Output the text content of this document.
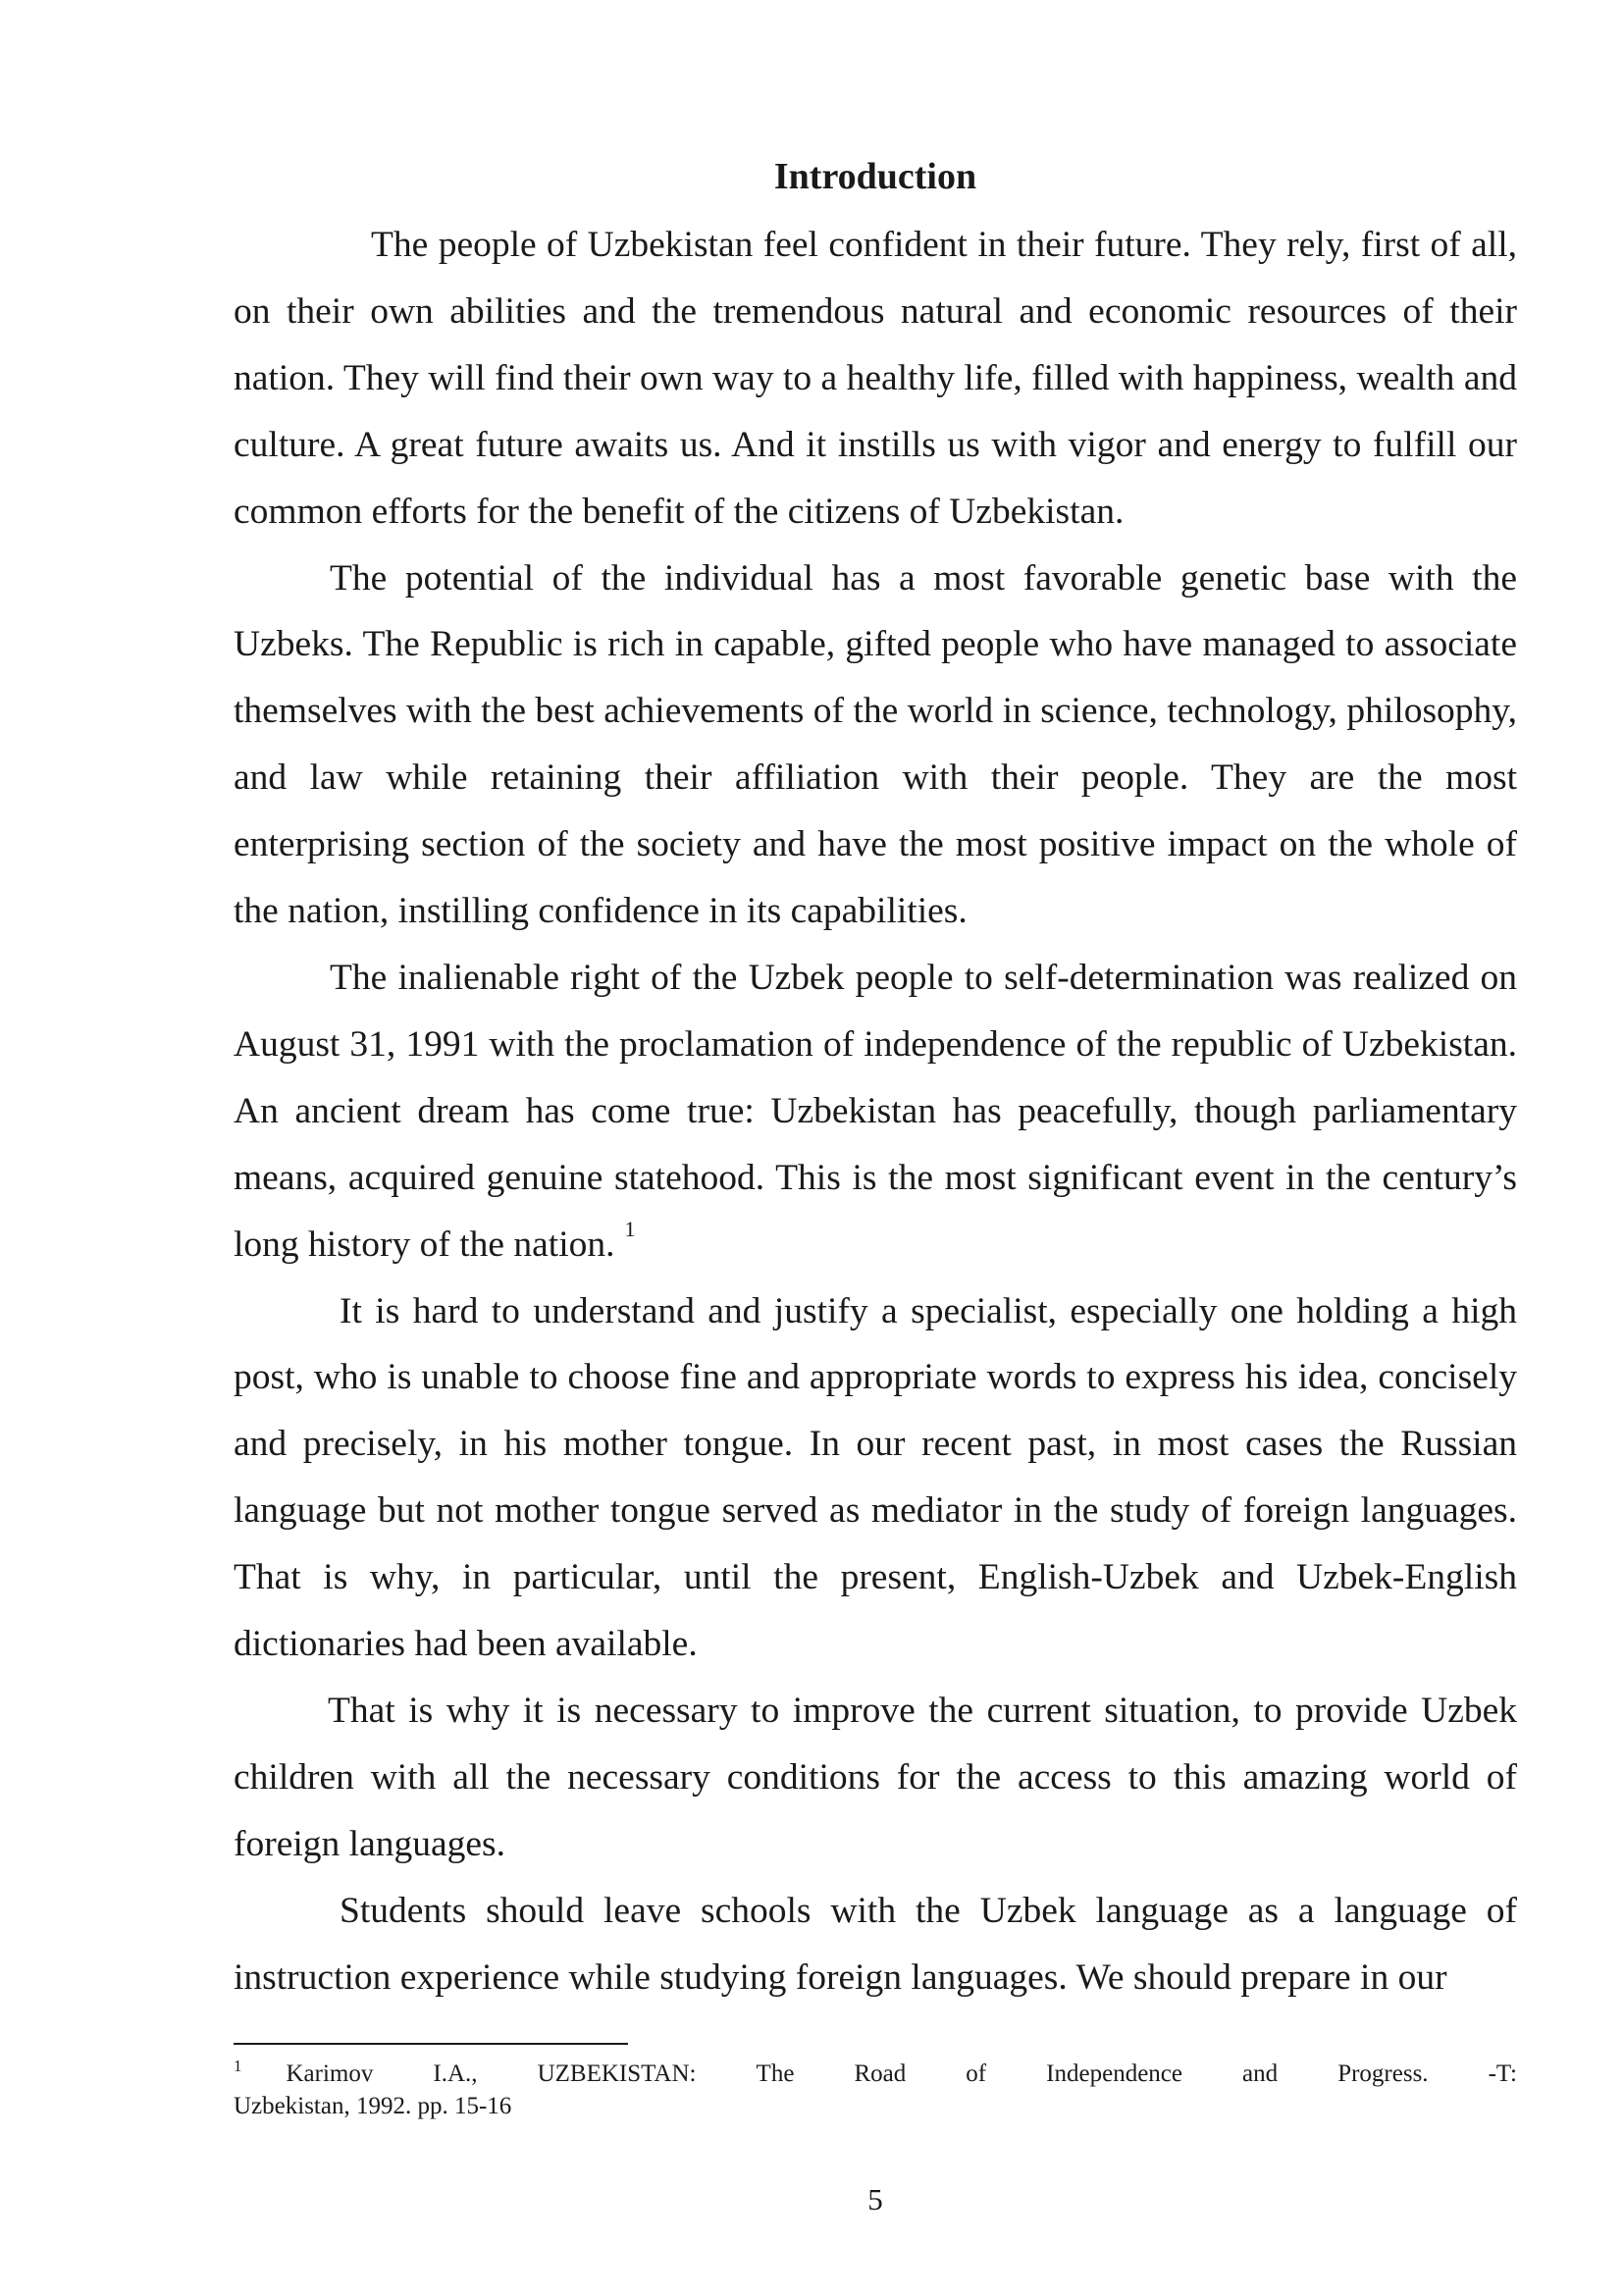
Introduction

The people of Uzbekistan feel confident in their future. They rely, first of all, on their own abilities and the tremendous natural and economic resources of their nation. They will find their own way to a healthy life, filled with happiness, wealth and culture. A great future awaits us. And it instills us with vigor and energy to fulfill our common efforts for the benefit of the citizens of Uzbekistan.

The potential of the individual has a most favorable genetic base with the Uzbeks. The Republic is rich in capable, gifted people who have managed to associate themselves with the best achievements of the world in science, technology, philosophy, and law while retaining their affiliation with their people. They are the most enterprising section of the society and have the most positive impact on the whole of the nation, instilling confidence in its capabilities.

The inalienable right of the Uzbek people to self-determination was realized on August 31, 1991 with the proclamation of independence of the republic of Uzbekistan. An ancient dream has come true: Uzbekistan has peacefully, though parliamentary means, acquired genuine statehood. This is the most significant event in the century’s long history of the nation. $^1$

It is hard to understand and justify a specialist, especially one holding a high post, who is unable to choose fine and appropriate words to express his idea, concisely and precisely, in his mother tongue. In our recent past, in most cases the Russian language but not mother tongue served as mediator in the study of foreign languages. That is why, in particular, until the present, English-Uzbek and Uzbek-English dictionaries had been available.

That is why it is necessary to improve the current situation, to provide Uzbek children with all the necessary conditions for the access to this amazing world of foreign languages.

Students should leave schools with the Uzbek language as a language of instruction experience while studying foreign languages. We should prepare in our

$^1$ Karimov I.A., UZBEKISTAN: The Road of Independence and Progress. -T:
Uzbekistan, 1992. pp. 15-16
5
